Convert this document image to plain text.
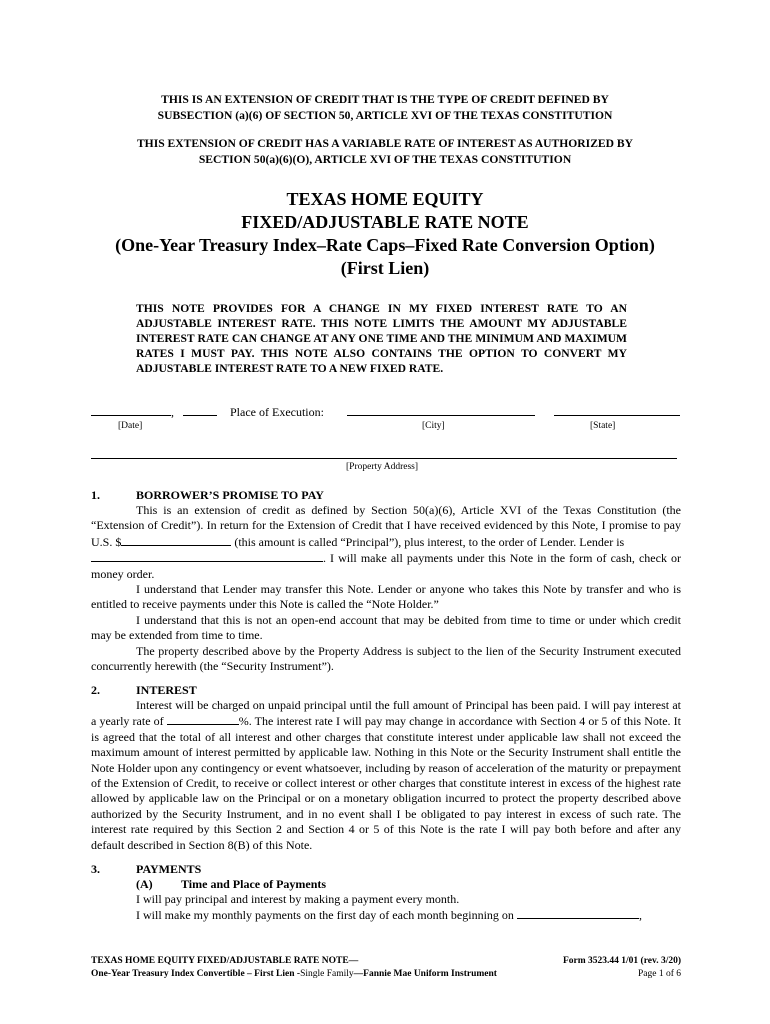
THIS IS AN EXTENSION OF CREDIT THAT IS THE TYPE OF CREDIT DEFINED BY
SUBSECTION (a)(6) OF SECTION 50, ARTICLE XVI OF THE TEXAS CONSTITUTION
THIS EXTENSION OF CREDIT HAS A VARIABLE RATE OF INTEREST AS AUTHORIZED BY
SECTION 50(a)(6)(O), ARTICLE XVI OF THE TEXAS CONSTITUTION
TEXAS HOME EQUITY
FIXED/ADJUSTABLE RATE NOTE
(One-Year Treasury Index–Rate Caps–Fixed Rate Conversion Option)
(First Lien)
THIS NOTE PROVIDES FOR A CHANGE IN MY FIXED INTEREST RATE TO AN ADJUSTABLE INTEREST RATE. THIS NOTE LIMITS THE AMOUNT MY ADJUSTABLE INTEREST RATE CAN CHANGE AT ANY ONE TIME AND THE MINIMUM AND MAXIMUM RATES I MUST PAY. THIS NOTE ALSO CONTAINS THE OPTION TO CONVERT MY ADJUSTABLE INTEREST RATE TO A NEW FIXED RATE.
,	Place of Execution:
[Date]	[City]	[State]
[Property Address]
1.	BORROWER’S PROMISE TO PAY

This is an extension of credit as defined by Section 50(a)(6), Article XVI of the Texas Constitution (the “Extension of Credit”). In return for the Extension of Credit that I have received evidenced by this Note, I promise to pay U.S. $	(this amount is called “Principal”), plus interest, to the order of Lender. Lender is
. I will make all payments under this Note in the form of cash, check or money order.

I understand that Lender may transfer this Note. Lender or anyone who takes this Note by transfer and who is entitled to receive payments under this Note is called the “Note Holder.”

I understand that this is not an open-end account that may be debited from time to time or under which credit may be extended from time to time.

The property described above by the Property Address is subject to the lien of the Security Instrument executed concurrently herewith (the “Security Instrument”).

2.	INTEREST

Interest will be charged on unpaid principal until the full amount of Principal has been paid. I will pay interest at a yearly rate of	%. The interest rate I will pay may change in accordance with Section 4 or 5 of this Note. It is agreed that the total of all interest and other charges that constitute interest under applicable law shall not exceed the maximum amount of interest permitted by applicable law. Nothing in this Note or the Security Instrument shall entitle the Note Holder upon any contingency or event whatsoever, including by reason of acceleration of the maturity or prepayment of the Extension of Credit, to receive or collect interest or other charges that constitute interest in excess of the highest rate allowed by applicable law on the Principal or on a monetary obligation incurred to protect the property described above authorized by the Security Instrument, and in no event shall I be obligated to pay interest in excess of such rate. The interest rate required by this Section 2 and Section 4 or 5 of this Note is the rate I will pay both before and after any default described in Section 8(B) of this Note.

3.	PAYMENTS
(A) Time and Place of Payments

I will pay principal and interest by making a payment every month.

I will make my monthly payments on the first day of each month beginning on	,

TEXAS HOME EQUITY FIXED/ADJUSTABLE RATE NOTE—
One-Year Treasury Index Convertible – First Lien -Single Family—Fannie Mae Uniform Instrument
Form 3523.44 1/01 (rev. 3/20)
Page 1 of 6
